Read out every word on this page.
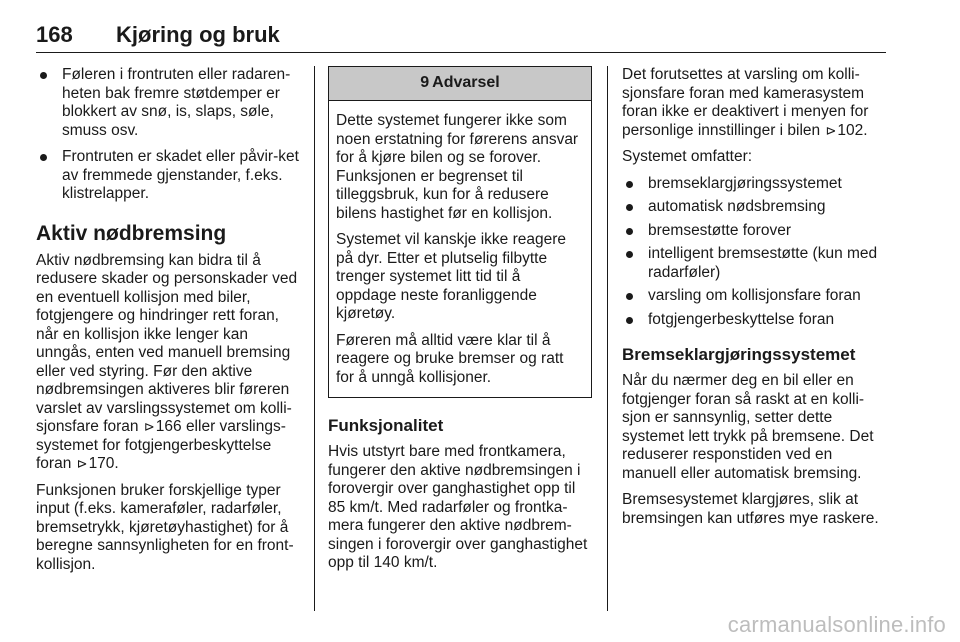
168 Kjøring og bruk
Føleren i frontruten eller radaren-heten bak fremre støtdemper er blokkert av snø, is, slaps, søle, smuss osv.
Frontruten er skadet eller påvir-ket av fremmede gjenstander, f.eks. klistrelapper.
Aktiv nødbremsing

Aktiv nødbremsing kan bidra til å redusere skader og personskader ved en eventuell kollisjon med biler, fotgjengere og hindringer rett foran, når en kollisjon ikke lenger kan unngås, enten ved manuell bremsing eller ved styring. Før den aktive nødbremsingen aktiveres blir føreren varslet av varslingssystemet om kolli-sjonsfare foran ⊳166 eller varslings-systemet for fotgjengerbeskyttelse foran ⊳170.

Funksjonen bruker forskjellige typer input (f.eks. kameraføler, radarføler, bremsetrykk, kjøretøyhastighet) for å beregne sannsynligheten for en front-kollisjon.

9 Advarsel

Dette systemet fungerer ikke som noen erstatning for førerens ansvar for å kjøre bilen og se forover. Funksjonen er begrenset til tilleggsbruk, kun for å redusere bilens hastighet før en kollisjon.

Systemet vil kanskje ikke reagere på dyr. Etter et plutselig filbytte trenger systemet litt tid til å oppdage neste foranliggende kjøretøy.

Føreren må alltid være klar til å reagere og bruke bremser og ratt for å unngå kollisjoner.

Funksjonalitet

Hvis utstyrt bare med frontkamera, fungerer den aktive nødbremsingen i forovergir over ganghastighet opp til 85 km/t. Med radarføler og frontka-mera fungerer den aktive nødbrem-singen i forovergir over ganghastighet opp til 140 km/t.

Det forutsettes at varsling om kolli-sjonsfare foran med kamerasystem foran ikke er deaktivert i menyen for personlige innstillinger i bilen ⊳102.

Systemet omfatter:

bremseklargjøringssystemet
automatisk nødsbremsing
bremsestøtte forover
intelligent bremsestøtte (kun med radarføler)
varsling om kollisjonsfare foran
fotgjengerbeskyttelse foran
Bremseklargjøringssystemet

Når du nærmer deg en bil eller en fotgjenger foran så raskt at en kolli-sjon er sannsynlig, setter dette systemet lett trykk på bremsene. Det reduserer responstiden ved en manuell eller automatisk bremsing.

Bremsesystemet klargjøres, slik at bremsingen kan utføres mye raskere.

carmanualsonline.info
